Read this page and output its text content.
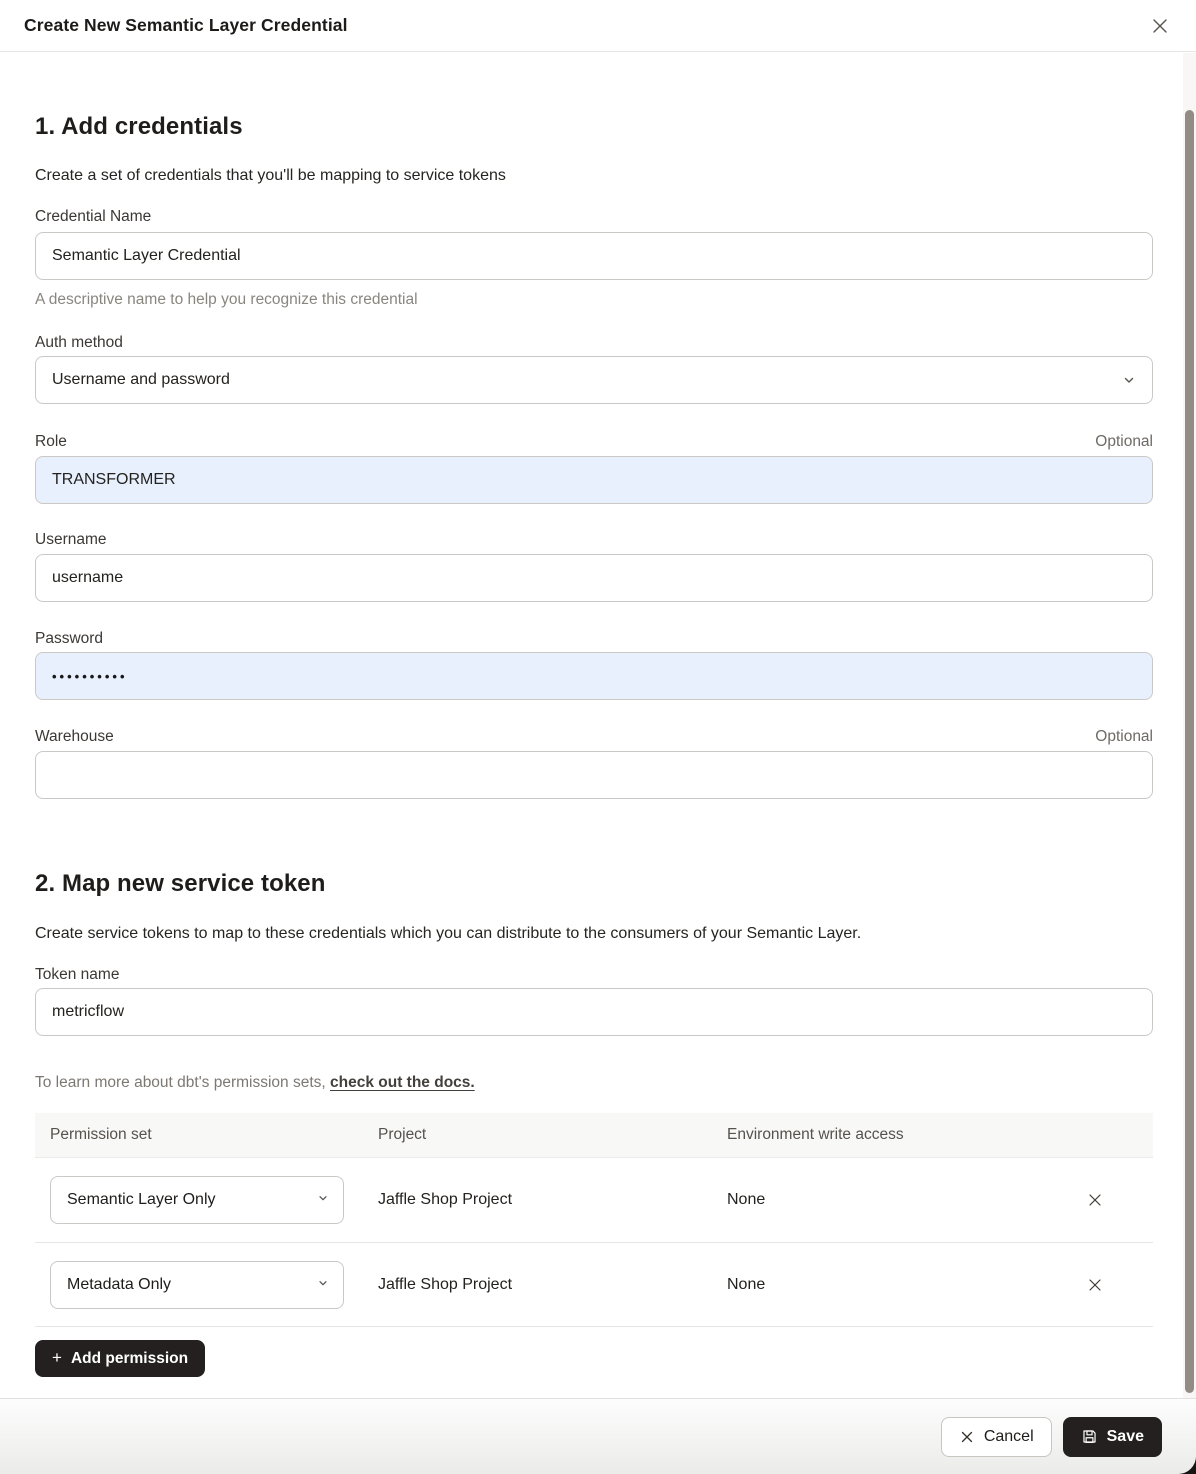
Create New Semantic Layer Credential
1. Add credentials

Create a set of credentials that you'll be mapping to service tokens

Credential Name
Semantic Layer Credential
A descriptive name to help you recognize this credential
Auth method
Username and password
Role	Optional
TRANSFORMER
Username
username
Password
••••••••••
Warehouse	Optional
2. Map new service token

Create service tokens to map to these credentials which you can distribute to the consumers of your Semantic Layer.

Token name
metricflow

To learn more about dbt's permission sets, check out the docs.

Permission set	Project	Environment write access
Semantic Layer Only	Jaffle Shop Project	None
Metadata Only	Jaffle Shop Project	None
+ Add permission
Cancel	Save
